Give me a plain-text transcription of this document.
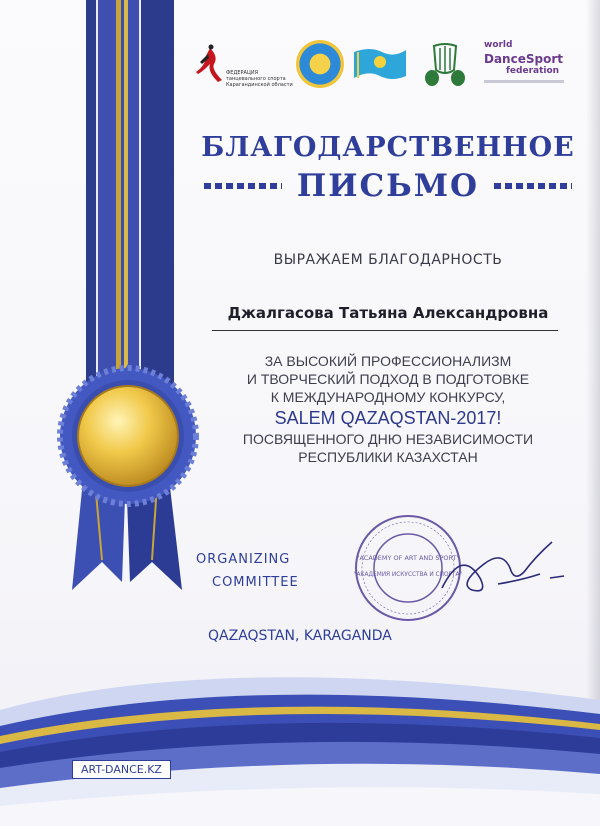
ФЕДЕРАЦИЯ танцевального спорта Карагандинской области
world
DanceSport
federation
БЛАГОДАРСТВЕННОЕ
ПИСЬМО
ВЫРАЖАЕМ БЛАГОДАРНОСТЬ
Джалгасова Татьяна Александровна
ЗА ВЫСОКИЙ ПРОФЕССИОНАЛИЗМ
И ТВОРЧЕСКИЙ ПОДХОД В ПОДГОТОВКЕ
К МЕЖДУНАРОДНОМУ КОНКУРСУ,
SALEM QAZAQSTAN-2017!
ПОСВЯЩЕННОГО ДНЮ НЕЗАВИСИМОСТИ
РЕСПУБЛИКИ КАЗАХСТАН
"ACADEMY OF ART AND SPORT"
"АКАДЕМИЯ ИСКУССТВА И СПОРТА"
ORGANIZING
COMMITTEE
QAZAQSTAN, KARAGANDA
ART-DANCE.KZ
